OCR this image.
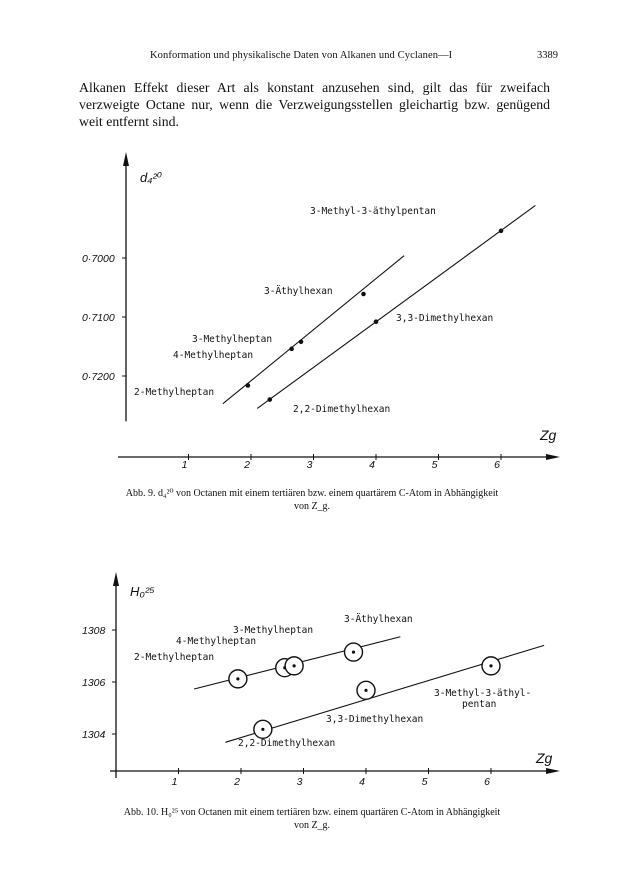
Konformation und physikalische Daten von Alkanen und Cyclanen—I	3389

Alkanen Effekt dieser Art als konstant anzusehen sind, gilt das für zweifach verzweigte Octane nur, wenn die Verzweigungsstellen gleichartig bzw. genügend weit entfernt sind.

0·7200
0·7100
0·7000
1	2	3	4	5	6
d₄²⁰
Zg
2-Methylheptan
4-Methylheptan
3-Methylheptan
3-Äthylhexan
2,2-Dimethylhexan
3,3-Dimethylhexan
3-Methyl-3-äthylpentan
Abb. 9. d₄²⁰ von Octanen mit einem tertiären bzw. einem quartärem C-Atom in Abhängigkeit
von Z_g.
1308
1306
1304
1	2	3	4	5	6
H₀²⁵
Zg
2-Methylheptan
4-Methylheptan
3-Methylheptan
3-Äthylhexan
2,2-Dimethylhexan
3,3-Dimethylhexan
3-Methyl-3-äthyl-
pentan
Abb. 10. H₀²⁵ von Octanen mit einem tertiären bzw. einem quartären C-Atom in Abhängigkeit
von Z_g.
